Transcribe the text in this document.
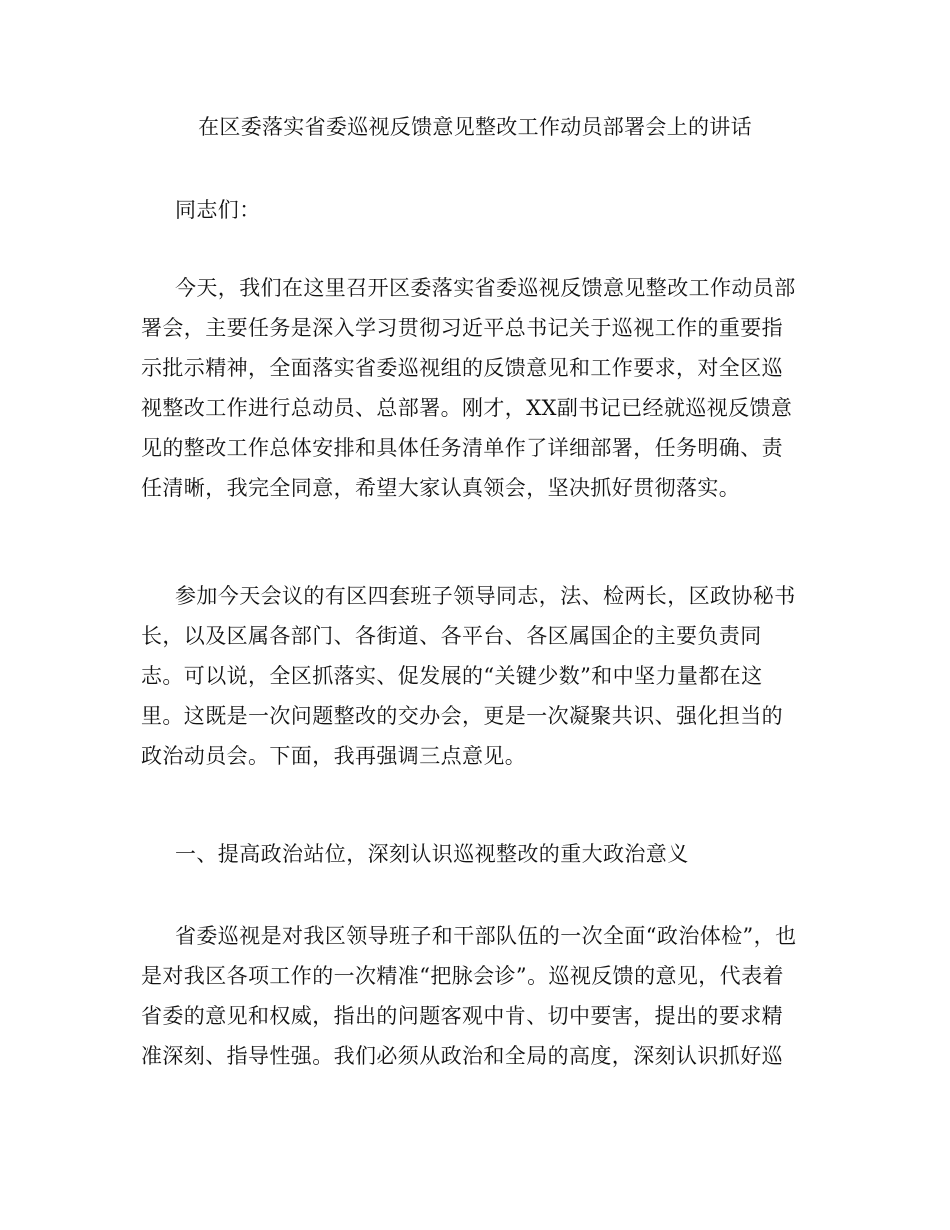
在区委落实省委巡视反馈意见整改工作动员部署会上的讲话
同志们：
今天，我们在这里召开区委落实省委巡视反馈意见整改工作动员部
署会，主要任务是深入学习贯彻习近平总书记关于巡视工作的重要指
示批示精神，全面落实省委巡视组的反馈意见和工作要求，对全区巡
视整改工作进行总动员、总部署。刚才，XX副书记已经就巡视反馈意
见的整改工作总体安排和具体任务清单作了详细部署，任务明确、责
任清晰，我完全同意，希望大家认真领会，坚决抓好贯彻落实。
参加今天会议的有区四套班子领导同志，法、检两长，区政协秘书
长，以及区属各部门、各街道、各平台、各区属国企的主要负责同
志。可以说，全区抓落实、促发展的“关键少数”和中坚力量都在这
里。这既是一次问题整改的交办会，更是一次凝聚共识、强化担当的
政治动员会。下面，我再强调三点意见。
一、提高政治站位，深刻认识巡视整改的重大政治意义
省委巡视是对我区领导班子和干部队伍的一次全面“政治体检”，也
是对我区各项工作的一次精准“把脉会诊”。巡视反馈的意见，代表着
省委的意见和权威，指出的问题客观中肯、切中要害，提出的要求精
准深刻、指导性强。我们必须从政治和全局的高度，深刻认识抓好巡
